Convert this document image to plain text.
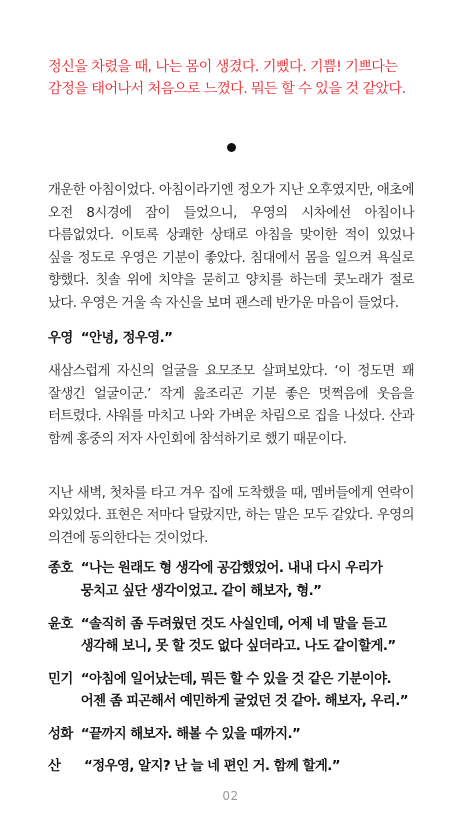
정신을 차렸을 때, 나는 몸이 생겼다. 기뻤다. 기쁨! 기쁘다는 감정을 태어나서 처음으로 느꼈다. 뭐든 할 수 있을 것 같았다.

개운한 아침이었다. 아침이라기엔 정오가 지난 오후였지만, 애초에 오전 8시경에 잠이 들었으니, 우영의 시차에선 아침이나 다름없었다. 이토록 상쾌한 상태로 아침을 맞이한 적이 있었나 싶을 정도로 우영은 기분이 좋았다. 침대에서 몸을 일으켜 욕실로 향했다. 칫솔 위에 치약을 묻히고 양치를 하는데 콧노래가 절로 났다. 우영은 거울 속 자신을 보며 괜스레 반가운 마음이 들었다.

우영 “안녕, 정우영.”

새삼스럽게 자신의 얼굴을 요모조모 살펴보았다. ‘이 정도면 꽤 잘생긴 얼굴이군.’ 작게 읊조리곤 기분 좋은 멋쩍음에 웃음을 터트렸다. 샤워를 마치고 나와 가벼운 차림으로 집을 나섰다. 산과 함께 홍중의 저자 사인회에 참석하기로 했기 때문이다.

지난 새벽, 첫차를 타고 겨우 집에 도착했을 때, 멤버들에게 연락이 와있었다. 표현은 저마다 달랐지만, 하는 말은 모두 같았다. 우영의 의견에 동의한다는 것이었다.

종호 “나는 원래도 형 생각에 공감했었어. 내내 다시 우리가 뭉치고 싶단 생각이었고. 같이 해보자, 형.”
윤호 “솔직히 좀 두려웠던 것도 사실인데, 어제 네 말을 듣고 생각해 보니, 못 할 것도 없다 싶더라고. 나도 같이할게.”
민기 “아침에 일어났는데, 뭐든 할 수 있을 것 같은 기분이야. 어젠 좀 피곤해서 예민하게 굴었던 것 같아. 해보자, 우리.”
성화 “끝까지 해보자. 해볼 수 있을 때까지.”
산	“정우영, 알지? 난 늘 네 편인 거. 함께 할게.”
02
